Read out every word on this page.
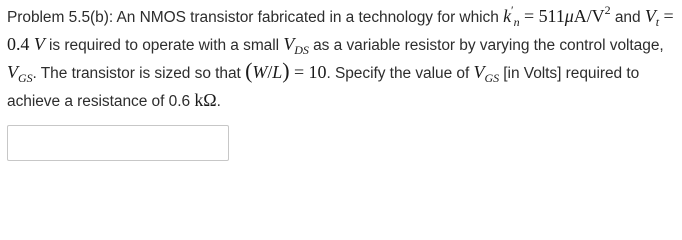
Problem 5.5(b): An NMOS transistor fabricated in a technology for which $k'_n = 511\mu A/V^2$ and $V_t = 0.4$ V is required to operate with a small $V_{DS}$ as a variable resistor by varying the control voltage, $V_{GS}$. The transistor is sized so that (W/L) = 10. Specify the value of $V_{GS}$ [in Volts] required to achieve a resistance of 0.6 kΩ.
